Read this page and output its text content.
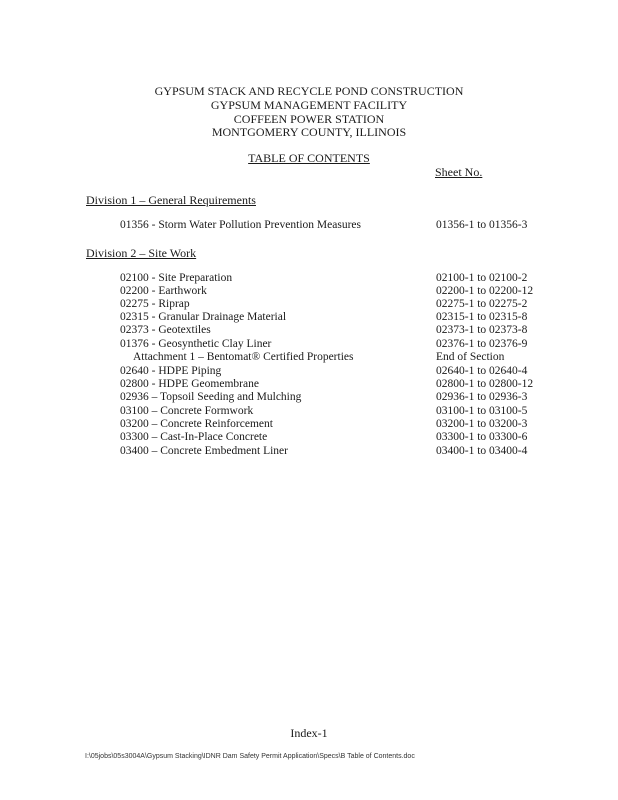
GYPSUM STACK AND RECYCLE POND CONSTRUCTION
GYPSUM MANAGEMENT FACILITY
COFFEEN POWER STATION
MONTGOMERY COUNTY, ILLINOIS
TABLE OF CONTENTS
Sheet No.
Division 1 – General Requirements
01356 - Storm Water Pollution Prevention Measures	01356-1 to 01356-3
Division 2 – Site Work
02100 - Site Preparation	02100-1 to 02100-2
02200 - Earthwork	02200-1 to 02200-12
02275 - Riprap	02275-1 to 02275-2
02315 - Granular Drainage Material	02315-1 to 02315-8
02373 - Geotextiles	02373-1 to 02373-8
01376 - Geosynthetic Clay Liner	02376-1 to 02376-9
Attachment 1 – Bentomat® Certified Properties	End of Section
02640 - HDPE Piping	02640-1 to 02640-4
02800 - HDPE Geomembrane	02800-1 to 02800-12
02936 – Topsoil Seeding and Mulching	02936-1 to 02936-3
03100 – Concrete Formwork	03100-1 to 03100-5
03200 – Concrete Reinforcement	03200-1 to 03200-3
03300 – Cast-In-Place Concrete	03300-1 to 03300-6
03400 – Concrete Embedment Liner	03400-1 to 03400-4
Index-1
I:\05jobs\05s3004A\Gypsum Stacking\IDNR Dam Safety Permit Application\Specs\B Table of Contents.doc
